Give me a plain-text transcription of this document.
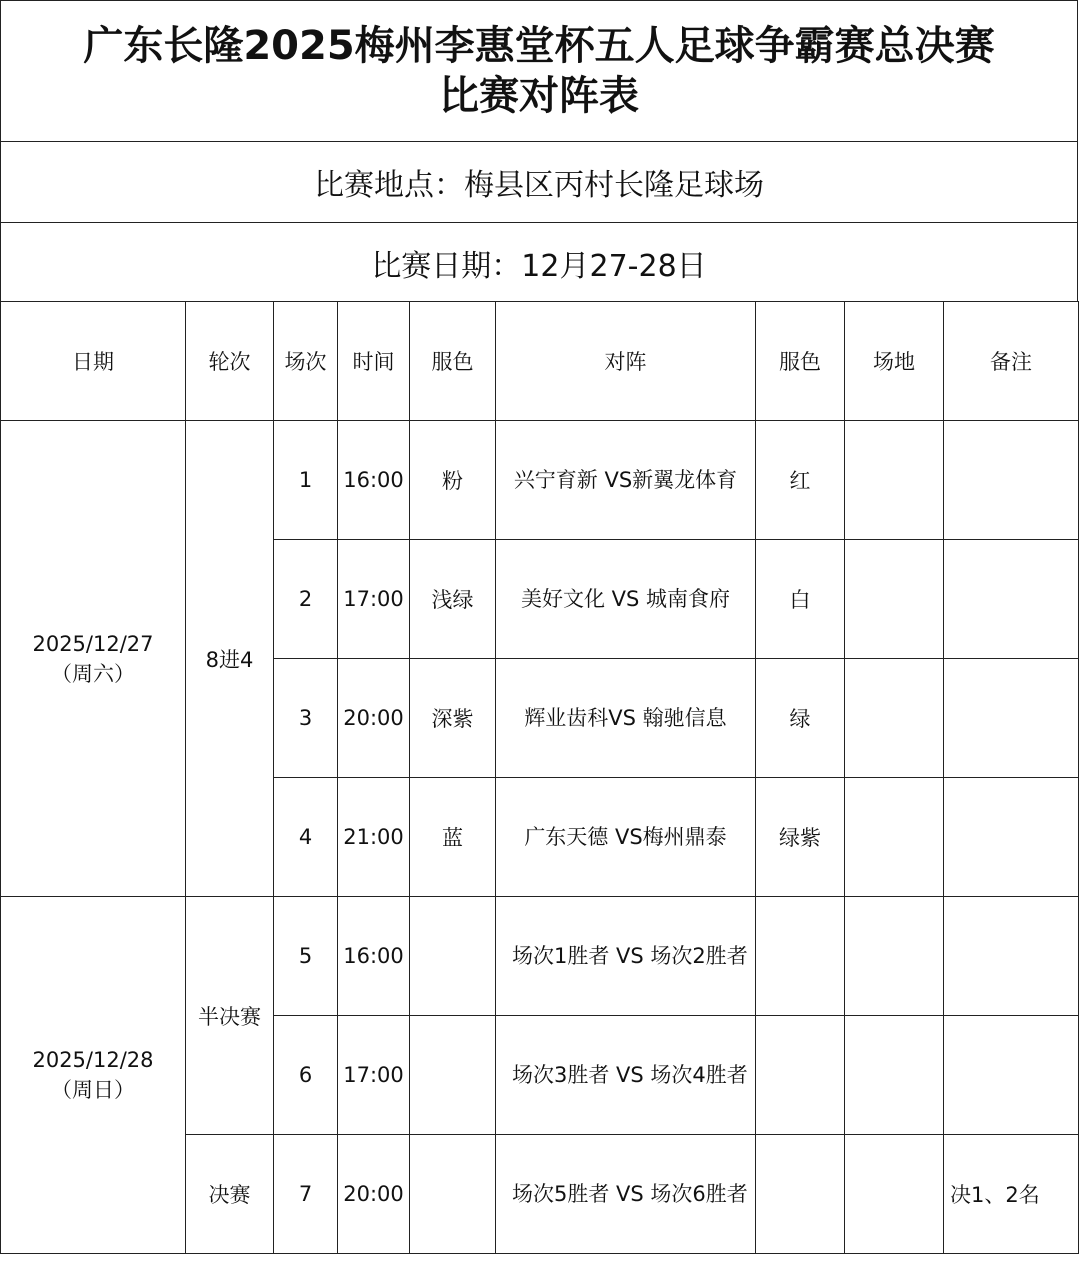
广东长隆2025梅州李惠堂杯五人足球争霸赛总决赛
比赛对阵表
比赛地点：梅县区丙村长隆足球场
比赛日期：12月27-28日
日期	轮次	场次	时间	服色	对阵	服色	场地	备注

2025/12/27
（周六）	8进4	1	16:00	粉	兴宁育新 VS新翼龙体育	红		
		2	17:00	浅绿	美好文化 VS 城南食府	白		
		3	20:00	深紫	辉业齿科VS 翰驰信息	绿		
		4	21:00	蓝	广东天德 VS梅州鼎泰	绿紫		

2025/12/28
（周日）	半决赛	5	16:00		场次1胜者 VS 场次2胜者			
		6	17:00		场次3胜者 VS 场次4胜者			
	决赛	7	20:00		场次5胜者 VS 场次6胜者			决1、2名
